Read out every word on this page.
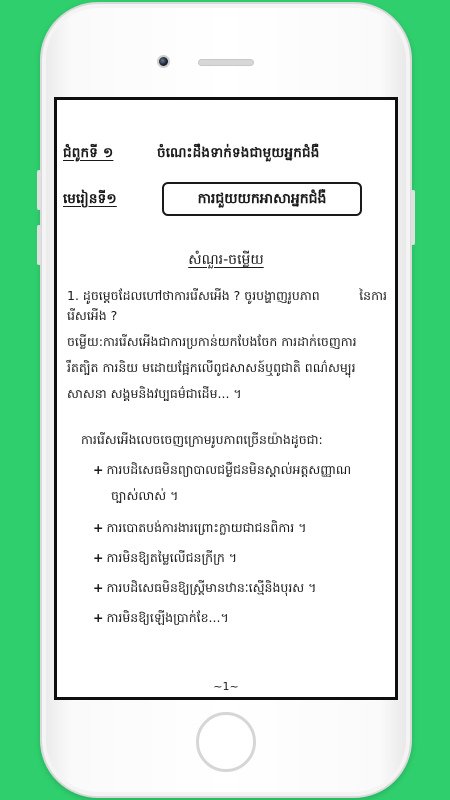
ជំពូកទី ១	ចំណេះដឹងទាក់ទងជាមួយអ្នកជំងឺ
មេរៀនទី១	ការជួយយកអាសាអ្នកជំងឺ
សំណួរ-ចម្លើយ
1. ដូចម្តេចដែលហៅថាការរើសអើង ? ចូរបង្ហាញរូបភាព	នៃការ
រើសអើង ?
ចម្លើយ:ការរើសអើងជាការប្រកាន់យកបែងចែក ការដាក់ចេញការ
រឹតត្បិត ការនិយ មដោយផ្អែកលើពូជសាសន៍ឬពូជាតិ ពណ៌សម្បុរ
សាសនា សង្គមនិងវប្បធម៌ជាដើម... ។
ការរើសអើងលេចចេញក្រោមរូបភាពច្រើនយ៉ាងដូចជា:
+ ការបដិសេធមិនព្យាបាលជម្ងឺជនមិនស្គាល់អត្តសញ្ញាណ
ច្បាស់លាស់ ។
+ ការបោតបង់ការងារព្រោះក្លាយជាជនពិការ ។
+ ការមិនឱ្យតម្លៃលើជនក្រីក្រ ។
+ ការបដិសេធមិនឱ្យស្ត្រីមានឋានៈស្មើនិងបុរស ។
+ ការមិនឱ្យឡើងប្រាក់ខែ...។
~1~
